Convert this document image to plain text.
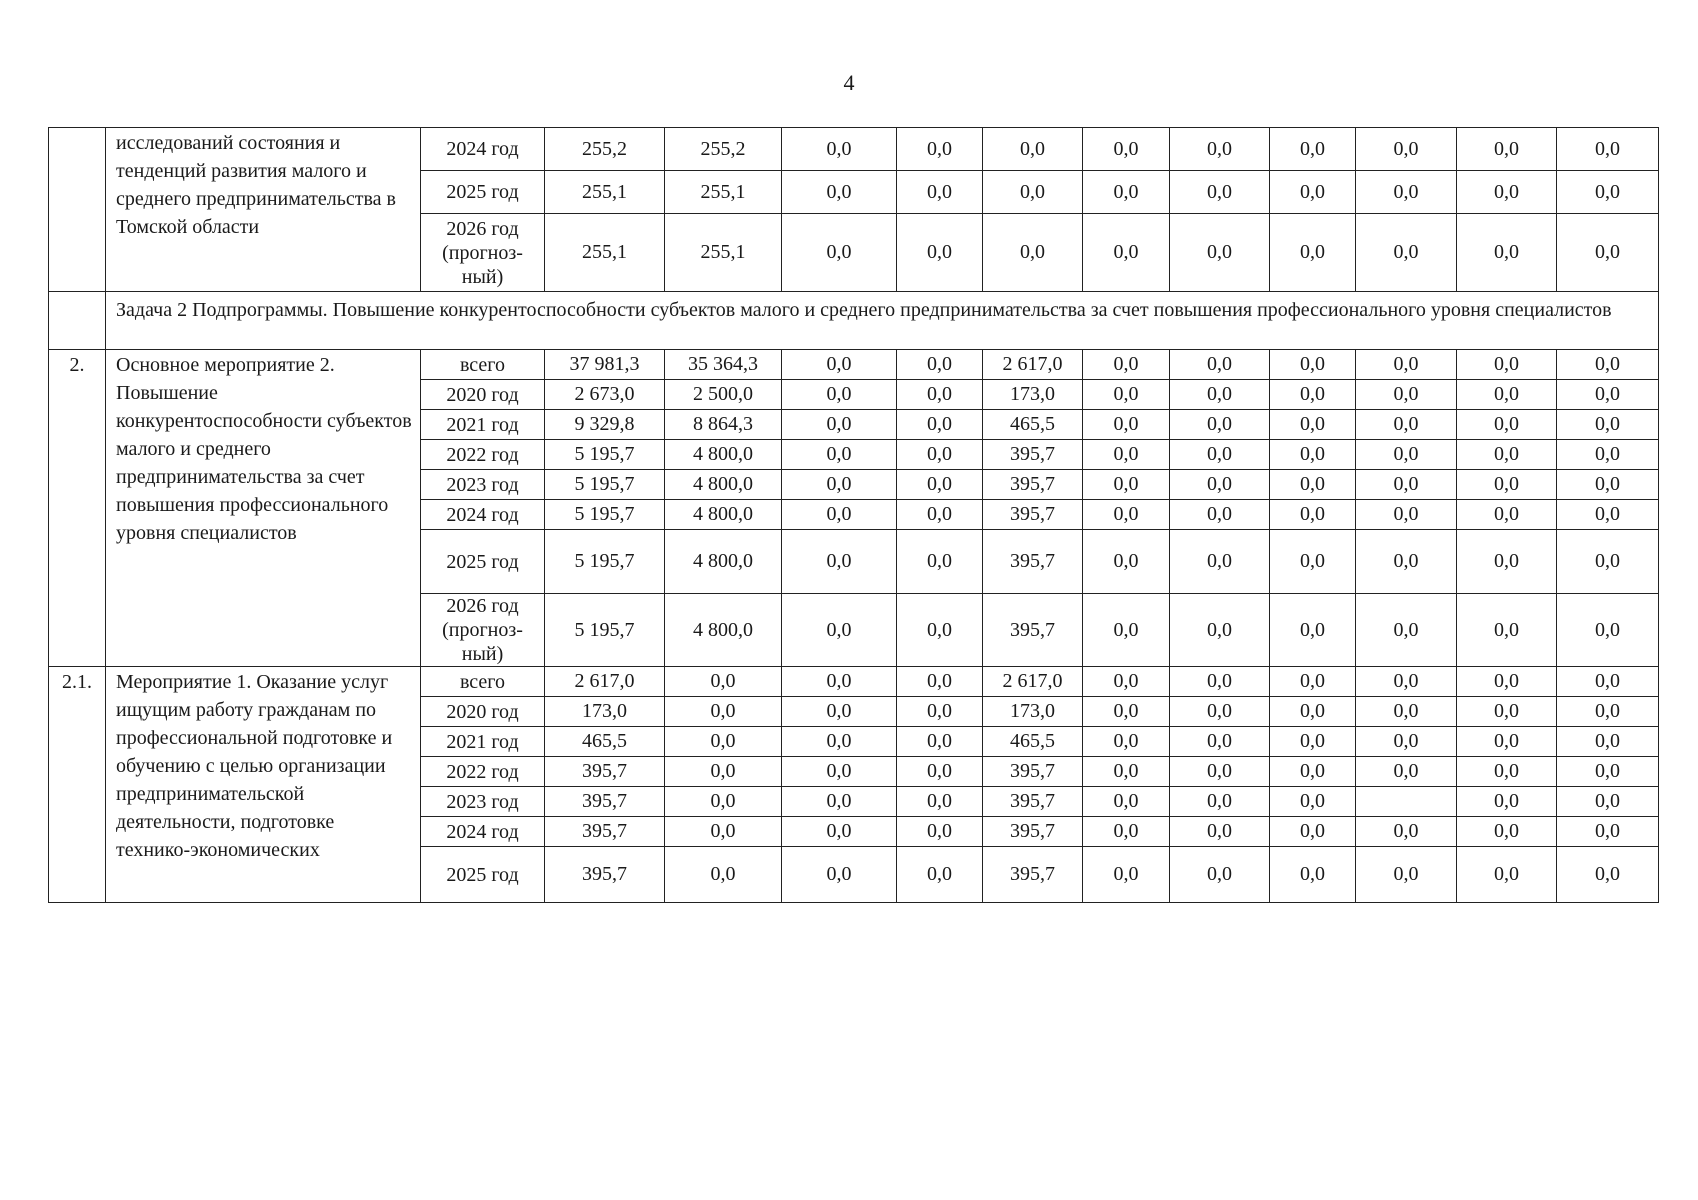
4
	исследований состояния и тенденций развития малого и среднего предпринимательства в Томской области	2024 год	255,2	255,2	0,0	0,0	0,0	0,0	0,0	0,0	0,0	0,0	0,0
		2025 год	255,1	255,1	0,0	0,0	0,0	0,0	0,0	0,0	0,0	0,0	0,0
		2026 год (прогноз-ный)	255,1	255,1	0,0	0,0	0,0	0,0	0,0	0,0	0,0	0,0	0,0
	Задача 2 Подпрограммы. Повышение конкурентоспособности субъектов малого и среднего предпринимательства за счет повышения профессионального уровня специалистов												
2.	Основное мероприятие 2. Повышение конкурентоспособности субъектов малого и среднего предпринимательства за счет повышения профессионального уровня специалистов	всего	37 981,3	35 364,3	0,0	0,0	2 617,0	0,0	0,0	0,0	0,0	0,0	0,0
		2020 год	2 673,0	2 500,0	0,0	0,0	173,0	0,0	0,0	0,0	0,0	0,0	0,0
		2021 год	9 329,8	8 864,3	0,0	0,0	465,5	0,0	0,0	0,0	0,0	0,0	0,0
		2022 год	5 195,7	4 800,0	0,0	0,0	395,7	0,0	0,0	0,0	0,0	0,0	0,0
		2023 год	5 195,7	4 800,0	0,0	0,0	395,7	0,0	0,0	0,0	0,0	0,0	0,0
		2024 год	5 195,7	4 800,0	0,0	0,0	395,7	0,0	0,0	0,0	0,0	0,0	0,0
		2025 год	5 195,7	4 800,0	0,0	0,0	395,7	0,0	0,0	0,0	0,0	0,0	0,0
		2026 год (прогноз-ный)	5 195,7	4 800,0	0,0	0,0	395,7	0,0	0,0	0,0	0,0	0,0	0,0
2.1.	Мероприятие 1. Оказание услуг ищущим работу гражданам по профессиональной подготовке и обучению с целью организации предпринимательской деятельности, подготовке технико-экономических	всего	2 617,0	0,0	0,0	0,0	2 617,0	0,0	0,0	0,0	0,0	0,0	0,0
		2020 год	173,0	0,0	0,0	0,0	173,0	0,0	0,0	0,0	0,0	0,0	0,0
		2021 год	465,5	0,0	0,0	0,0	465,5	0,0	0,0	0,0	0,0	0,0	0,0
		2022 год	395,7	0,0	0,0	0,0	395,7	0,0	0,0	0,0	0,0	0,0	0,0
		2023 год	395,7	0,0	0,0	0,0	395,7	0,0	0,0	0,0		0,0	0,0
		2024 год	395,7	0,0	0,0	0,0	395,7	0,0	0,0	0,0	0,0	0,0	0,0
		2025 год	395,7	0,0	0,0	0,0	395,7	0,0	0,0	0,0	0,0	0,0	0,0
